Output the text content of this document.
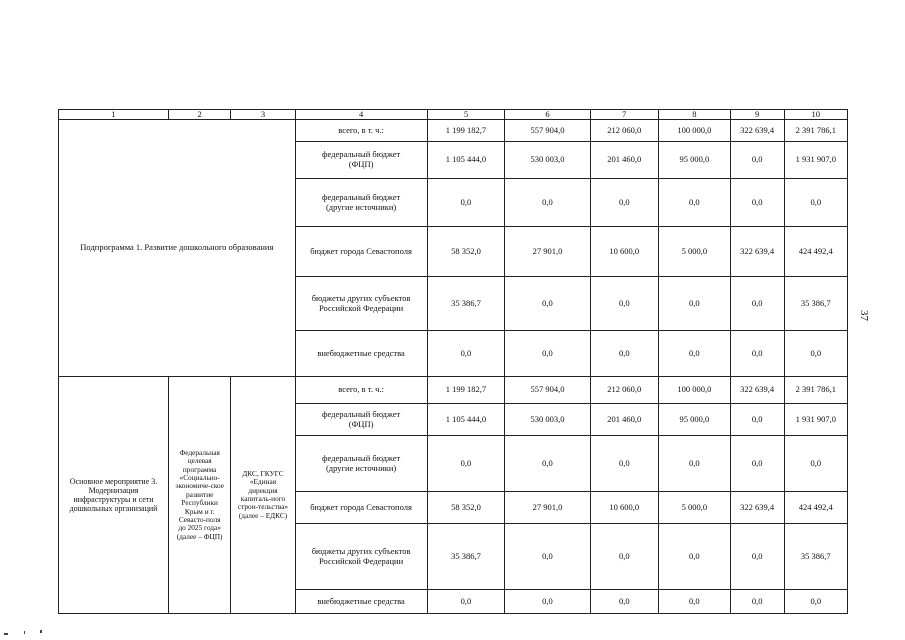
1	2	3	4	5	6	7	8	9	10
Подпрограмма 1. Развитие дошкольного образования			всего, в т. ч.:	1 199 182,7	557 904,0	212 060,0	100 000,0	322 639,4	2 391 786,1
			федеральный бюджет (ФЦП)	1 105 444,0	530 003,0	201 460,0	95 000,0	0,0	1 931 907,0
			федеральный бюджет (другие источники)	0,0	0,0	0,0	0,0	0,0	0,0
			бюджет города Севастополя	58 352,0	27 901,0	10 600,0	5 000,0	322 639,4	424 492,4
			бюджеты других субъектов Российской Федерации	35 386,7	0,0	0,0	0,0	0,0	35 386,7
			внебюджетные средства	0,0	0,0	0,0	0,0	0,0	0,0
Основное мероприятие 3. Модернизация инфраструктуры и сети дошкольных организаций	Федеральная целевая программа «Социально-экономиче-ское развитие Республики Крым и г. Севасто-поля до 2025 года» (далее – ФЦП)	ДКС, ГКУГС «Единая дирекция капиталь-ного строи-тельства» (далее – ЕДКС)	всего, в т. ч.:	1 199 182,7	557 904,0	212 060,0	100 000,0	322 639,4	2 391 786,1
			федеральный бюджет (ФЦП)	1 105 444,0	530 003,0	201 460,0	95 000,0	0,0	1 931 907,0
			федеральный бюджет (другие источники)	0,0	0,0	0,0	0,0	0,0	0,0
			бюджет города Севастополя	58 352,0	27 901,0	10 600,0	5 000,0	322 639,4	424 492,4
			бюджеты других субъектов Российской Федерации	35 386,7	0,0	0,0	0,0	0,0	35 386,7
			внебюджетные средства	0,0	0,0	0,0	0,0	0,0	0,0
37
